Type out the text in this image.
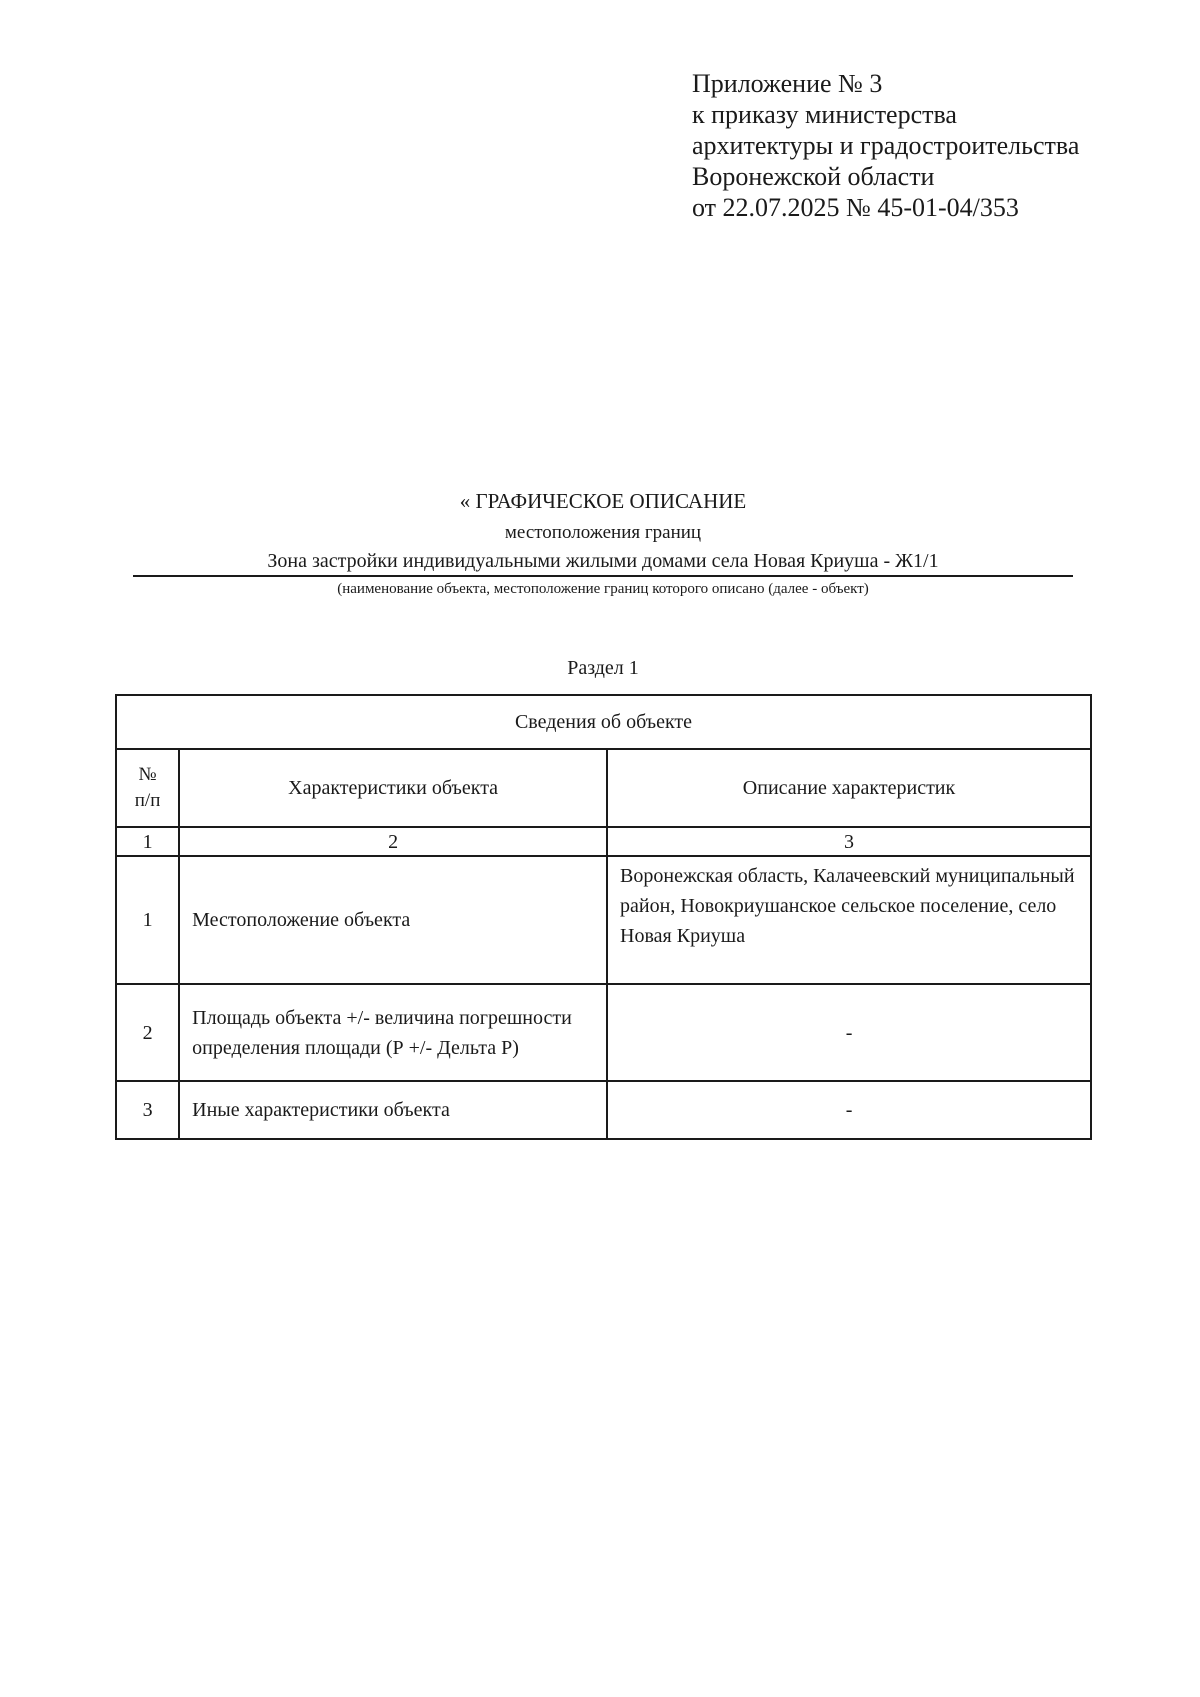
Приложение № 3
к приказу министерства
архитектуры и градостроительства
Воронежской области
от 22.07.2025 № 45-01-04/353
« ГРАФИЧЕСКОЕ ОПИСАНИЕ
местоположения границ
Зона застройки индивидуальными жилыми домами села Новая Криуша - Ж1/1
(наименование объекта, местоположение границ которого описано (далее - объект)
Раздел 1
Сведения об объекте		

№
п/п	Характеристики объекта	Описание характеристик
1	2	3
1	Местоположение объекта	Воронежская область, Калачеевский муниципальный район, Новокриушанское сельское поселение, село Новая Криуша
2	Площадь объекта +/- величина погрешности определения площади (Р +/- Дельта Р)	-
3	Иные характеристики объекта	-
